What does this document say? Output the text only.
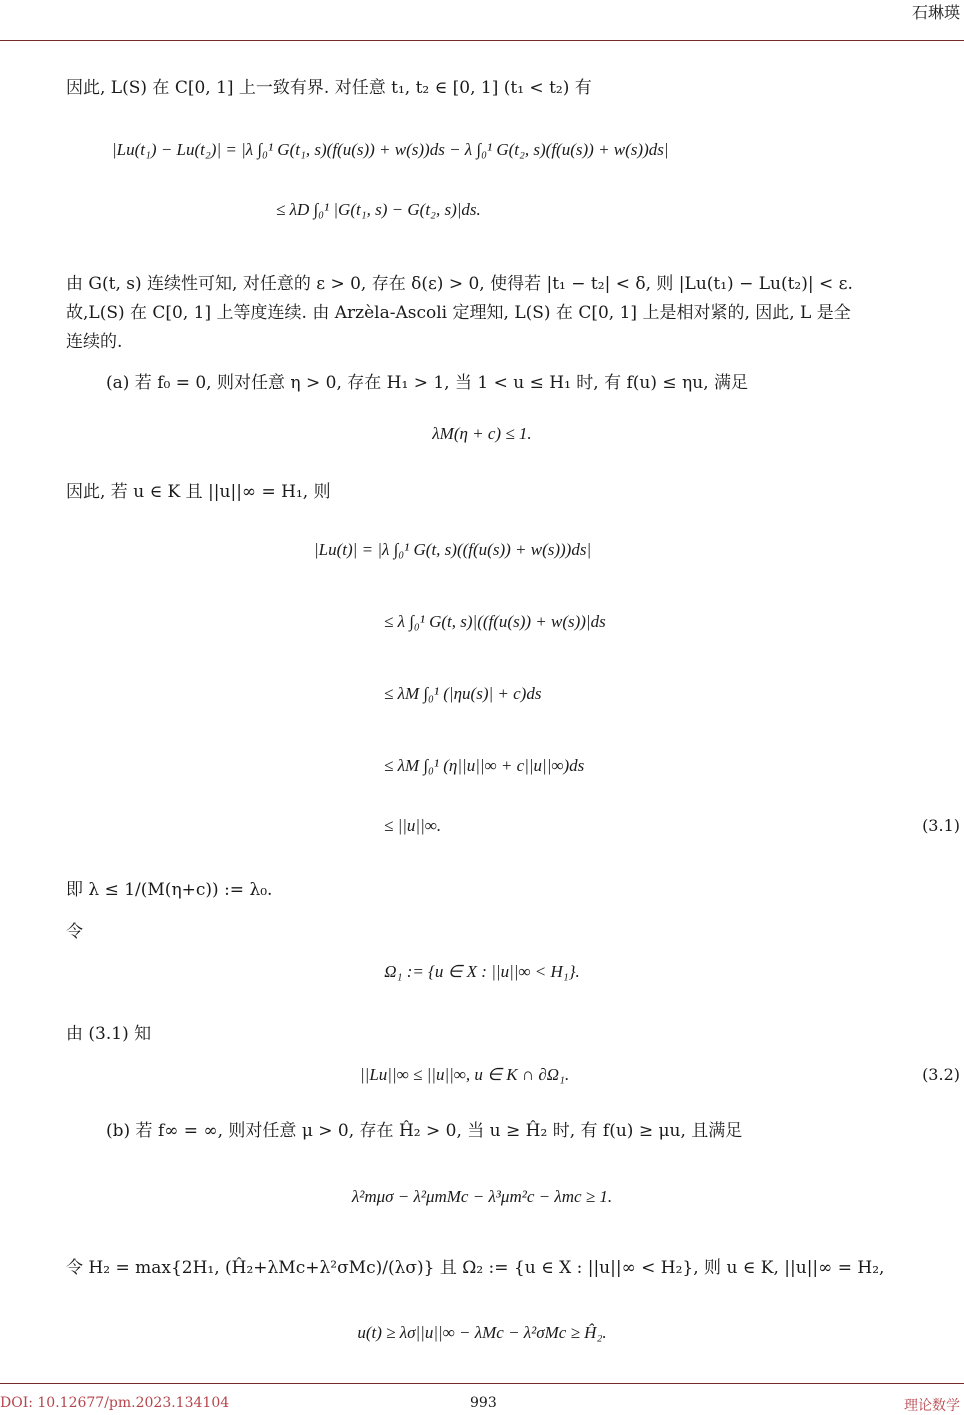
石琳瑛
因此, L(S) 在 C[0, 1] 上一致有界. 对任意 t₁, t₂ ∈ [0, 1] (t₁ < t₂) 有
|Lu(t₁) − Lu(t₂)| = |λ ∫₀¹ G(t₁, s)(f(u(s)) + w(s))ds − λ ∫₀¹ G(t₂, s)(f(u(s)) + w(s))ds|
≤ λD ∫₀¹ |G(t₁, s) − G(t₂, s)|ds.
由 G(t, s) 连续性可知, 对任意的 ε > 0, 存在 δ(ε) > 0, 使得若 |t₁ − t₂| < δ, 则 |Lu(t₁) − Lu(t₂)| < ε.
故,L(S) 在 C[0, 1] 上等度连续. 由 Arzèla-Ascoli 定理知, L(S) 在 C[0, 1] 上是相对紧的, 因此, L 是全
连续的.
(a) 若 f₀ = 0, 则对任意 η > 0, 存在 H₁ > 1, 当 1 < u ≤ H₁ 时, 有 f(u) ≤ ηu, 满足
λM(η + c) ≤ 1.
因此, 若 u ∈ K 且 ||u||∞ = H₁, 则
|Lu(t)| = |λ ∫₀¹ G(t, s)((f(u(s)) + w(s)))ds|
≤ λ ∫₀¹ G(t, s)|((f(u(s)) + w(s))|ds
≤ λM ∫₀¹ (|ηu(s)| + c)ds
≤ λM ∫₀¹ (η||u||∞ + c||u||∞)ds
≤ ||u||∞.	(3.1)
即 λ ≤ 1/(M(η+c)) := λ₀.
令
Ω₁ := {u ∈ X : ||u||∞ < H₁}.
由 (3.1) 知
||Lu||∞ ≤ ||u||∞, u ∈ K ∩ ∂Ω₁.	(3.2)
(b) 若 f∞ = ∞, 则对任意 μ > 0, 存在 Ĥ₂ > 0, 当 u ≥ Ĥ₂ 时, 有 f(u) ≥ μu, 且满足
λ²mμσ − λ²μmMc − λ³μm²c − λmc ≥ 1.
令 H₂ = max{2H₁, (Ĥ₂+λMc+λ²σMc)/(λσ)} 且 Ω₂ := {u ∈ X : ||u||∞ < H₂}, 则 u ∈ K, ||u||∞ = H₂,
u(t) ≥ λσ||u||∞ − λMc − λ²σMc ≥ Ĥ₂.
DOI: 10.12677/pm.2023.134104	993	理论数学
